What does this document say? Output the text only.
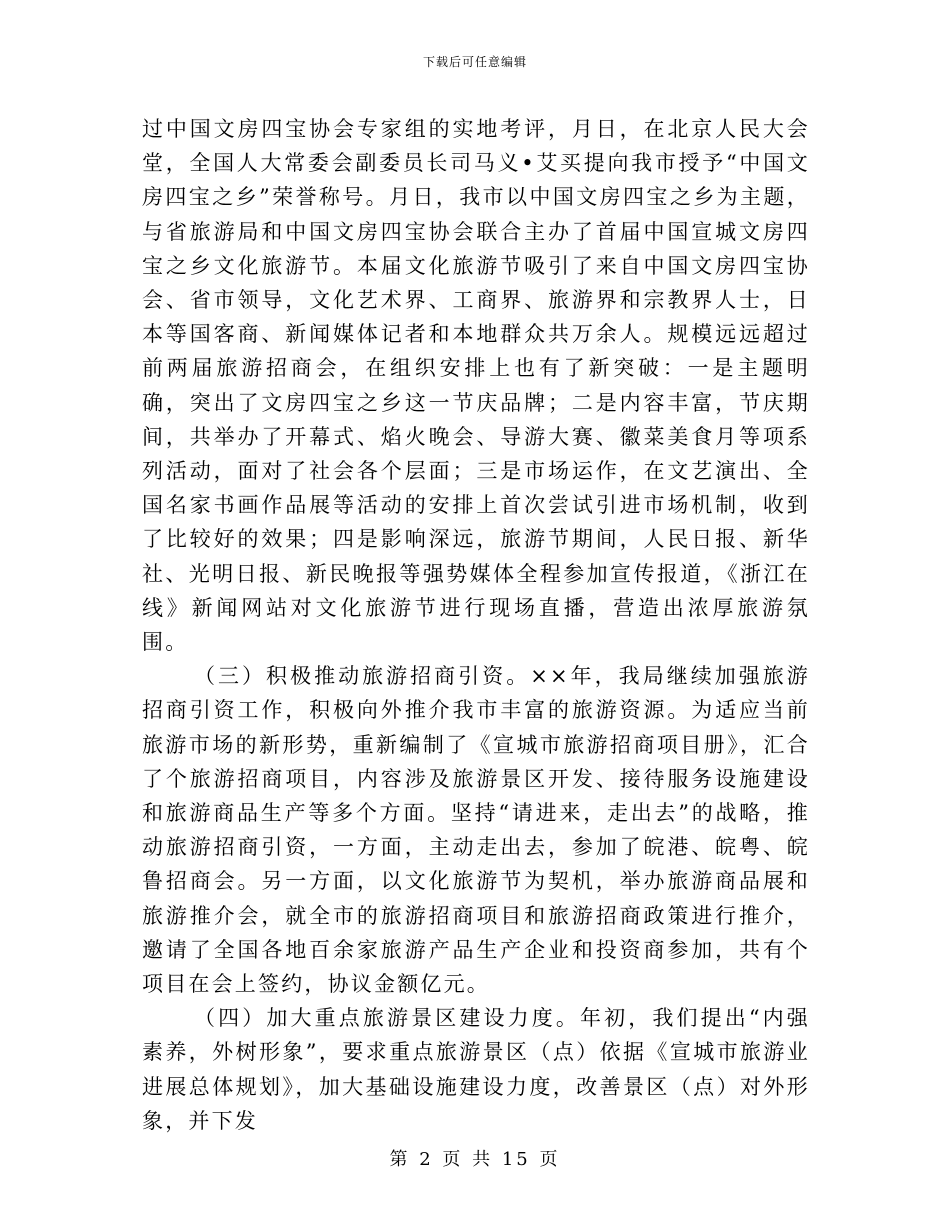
下载后可任意编辑

过中国文房四宝协会专家组的实地考评，月日，在北京人民大会堂，全国人大常委会副委员长司马义•艾买提向我市授予“中国文房四宝之乡”荣誉称号。月日，我市以中国文房四宝之乡为主题，与省旅游局和中国文房四宝协会联合主办了首届中国宣城文房四宝之乡文化旅游节。本届文化旅游节吸引了来自中国文房四宝协会、省市领导，文化艺术界、工商界、旅游界和宗教界人士，日本等国客商、新闻媒体记者和本地群众共万余人。规模远远超过前两届旅游招商会，在组织安排上也有了新突破：一是主题明确，突出了文房四宝之乡这一节庆品牌；二是内容丰富，节庆期间，共举办了开幕式、焰火晚会、导游大赛、徽菜美食月等项系列活动，面对了社会各个层面；三是市场运作，在文艺演出、全国名家书画作品展等活动的安排上首次尝试引进市场机制，收到了比较好的效果；四是影响深远，旅游节期间，人民日报、新华社、光明日报、新民晚报等强势媒体全程参加宣传报道，《浙江在线》新闻网站对文化旅游节进行现场直播，营造出浓厚旅游氛围。

（三）积极推动旅游招商引资。××年，我局继续加强旅游招商引资工作，积极向外推介我市丰富的旅游资源。为适应当前旅游市场的新形势，重新编制了《宣城市旅游招商项目册》，汇合了个旅游招商项目，内容涉及旅游景区开发、接待服务设施建设和旅游商品生产等多个方面。坚持“请进来，走出去”的战略，推动旅游招商引资，一方面，主动走出去，参加了皖港、皖粤、皖鲁招商会。另一方面，以文化旅游节为契机，举办旅游商品展和旅游推介会，就全市的旅游招商项目和旅游招商政策进行推介，邀请了全国各地百余家旅游产品生产企业和投资商参加，共有个项目在会上签约，协议金额亿元。

（四）加大重点旅游景区建设力度。年初，我们提出“内强素养，外树形象”，要求重点旅游景区（点）依据《宣城市旅游业进展总体规划》，加大基础设施建设力度，改善景区（点）对外形象，并下发

第 2 页 共 15 页
